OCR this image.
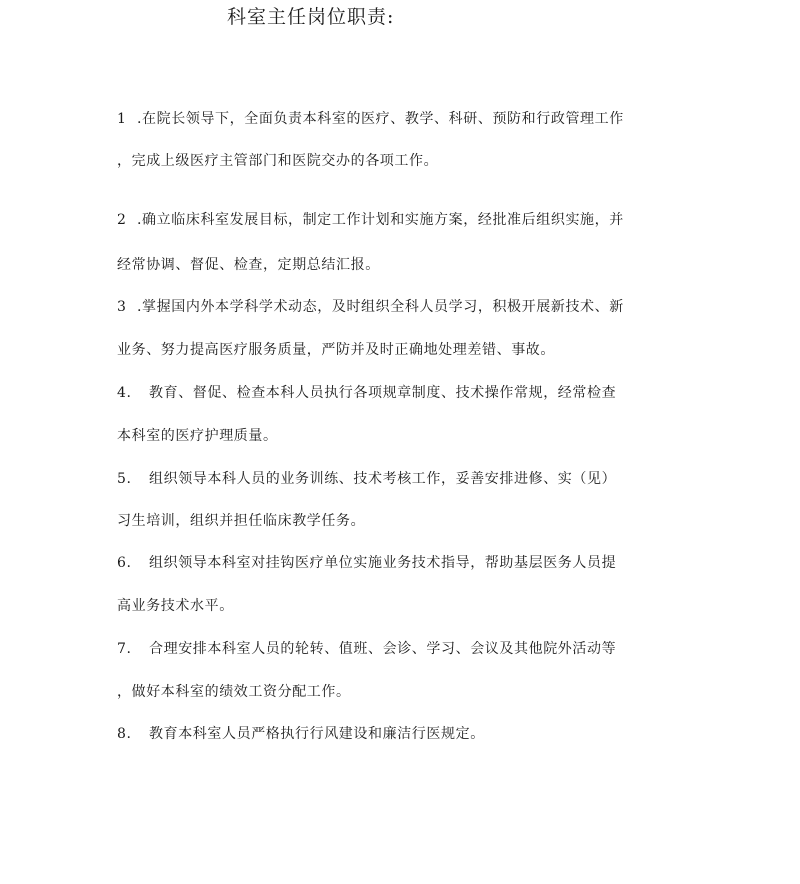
科室主任岗位职责:
1 .在院长领导下，全面负责本科室的医疗、教学、科研、预防和行政管理工作
，完成上级医疗主管部门和医院交办的各项工作。
2 .确立临床科室发展目标，制定工作计划和实施方案，经批准后组织实施，并
经常协调、督促、检查，定期总结汇报。
3 .掌握国内外本学科学术动态，及时组织全科人员学习，积极开展新技术、新
业务、努力提高医疗服务质量，严防并及时正确地处理差错、事故。
4. 教育、督促、检查本科人员执行各项规章制度、技术操作常规，经常检查
本科室的医疗护理质量。
5. 组织领导本科人员的业务训练、技术考核工作，妥善安排进修、实（见）
习生培训，组织并担任临床教学任务。
6. 组织领导本科室对挂钩医疗单位实施业务技术指导，帮助基层医务人员提
高业务技术水平。
7. 合理安排本科室人员的轮转、值班、会诊、学习、会议及其他院外活动等
，做好本科室的绩效工资分配工作。
8. 教育本科室人员严格执行行风建设和廉洁行医规定。
